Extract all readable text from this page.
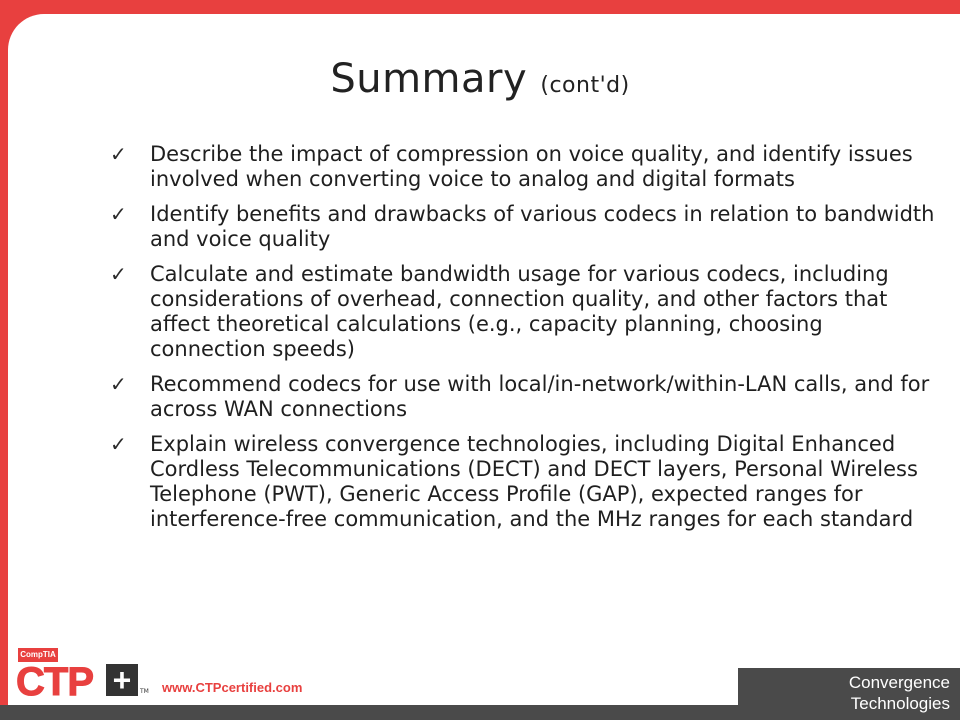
Summary (cont'd)
✓ Describe the impact of compression on voice quality, and identify issues involved when converting voice to analog and digital formats
✓ Identify benefits and drawbacks of various codecs in relation to bandwidth and voice quality
✓ Calculate and estimate bandwidth usage for various codecs, including considerations of overhead, connection quality, and other factors that affect theoretical calculations (e.g., capacity planning, choosing connection speeds)
✓ Recommend codecs for use with local/in-network/within-LAN calls, and for across WAN connections
✓ Explain wireless convergence technologies, including Digital Enhanced Cordless Telecommunications (DECT) and DECT layers, Personal Wireless Telephone (PWT), Generic Access Profile (GAP), expected ranges for interference-free communication, and the MHz ranges for each standard
CompTIA
CTP +	TM www.CTPcertified.com	Convergence
Technologies
